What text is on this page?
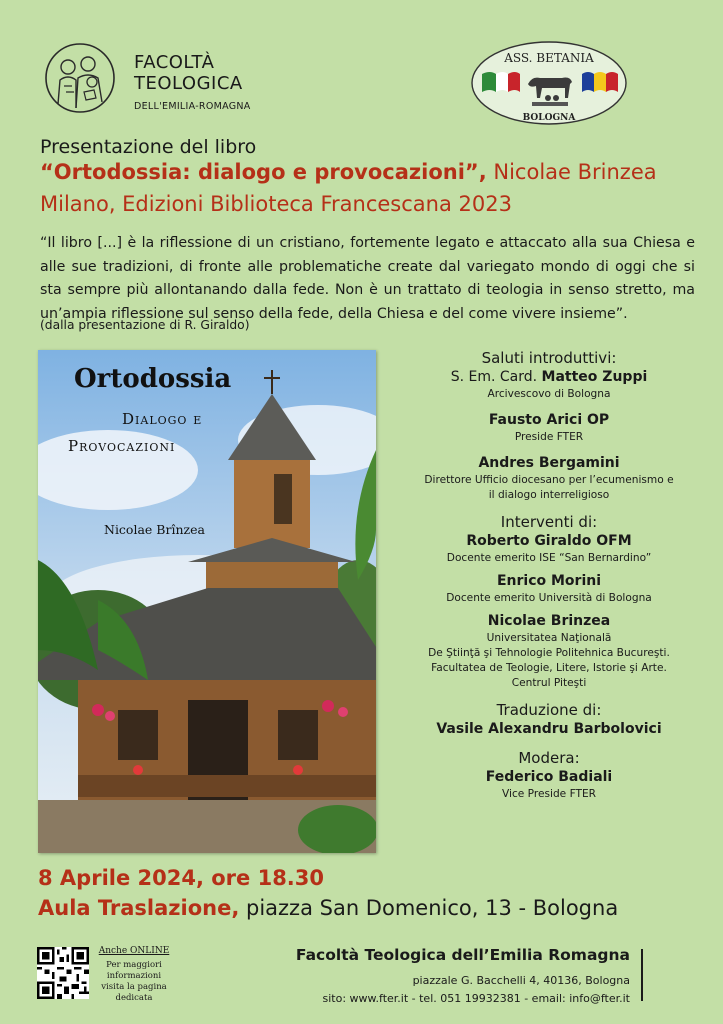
FACOLTÀ
TEOLOGICA
DELL'EMILIA-ROMAGNA
ASS. BETANIA
BOLOGNA
Presentazione del libro
“Ortodossia: dialogo e provocazioni”, Nicolae Brinzea
Milano, Edizioni Biblioteca Francescana 2023
“Il libro [...] è la riflessione di un cristiano, fortemente legato e attaccato alla sua Chiesa e alle sue tradizioni, di fronte alle problematiche create dal variegato mondo di oggi che si sta sempre più allontanando dalla fede. Non è un trattato di teologia in senso stretto, ma un’ampia riflessione sul senso della fede, della Chiesa e del come vivere insieme”.
(dalla presentazione di R. Giraldo)
Ortodossia
Dialogo e
Provocazioni
Nicolae Brînzea
Saluti introduttivi:
S. Em. Card. Matteo Zuppi
Arcivescovo di Bologna
Fausto Arici OP
Preside FTER
Andres Bergamini
Direttore Ufficio diocesano per l’ecumenismo e
il dialogo interreligioso
Interventi di:
Roberto Giraldo OFM
Docente emerito ISE “San Bernardino”
Enrico Morini
Docente emerito Università di Bologna
Nicolae Brinzea
Universitatea Naţională
De Ştiinţă şi Tehnologie Politehnica Bucureşti.
Facultatea de Teologie, Litere, Istorie şi Arte.
Centrul Piteşti
Traduzione di:
Vasile Alexandru Barbolovici
Modera:
Federico Badiali
Vice Preside FTER
8 Aprile 2024, ore 18.30
Aula Traslazione, piazza San Domenico, 13 - Bologna
Anche ONLINE
Per maggiori informazioni visita la pagina dedicata
Facoltà Teologica dell’Emilia Romagna
piazzale G. Bacchelli 4, 40136, Bologna
sito: www.fter.it - tel. 051 19932381 - email: info@fter.it
